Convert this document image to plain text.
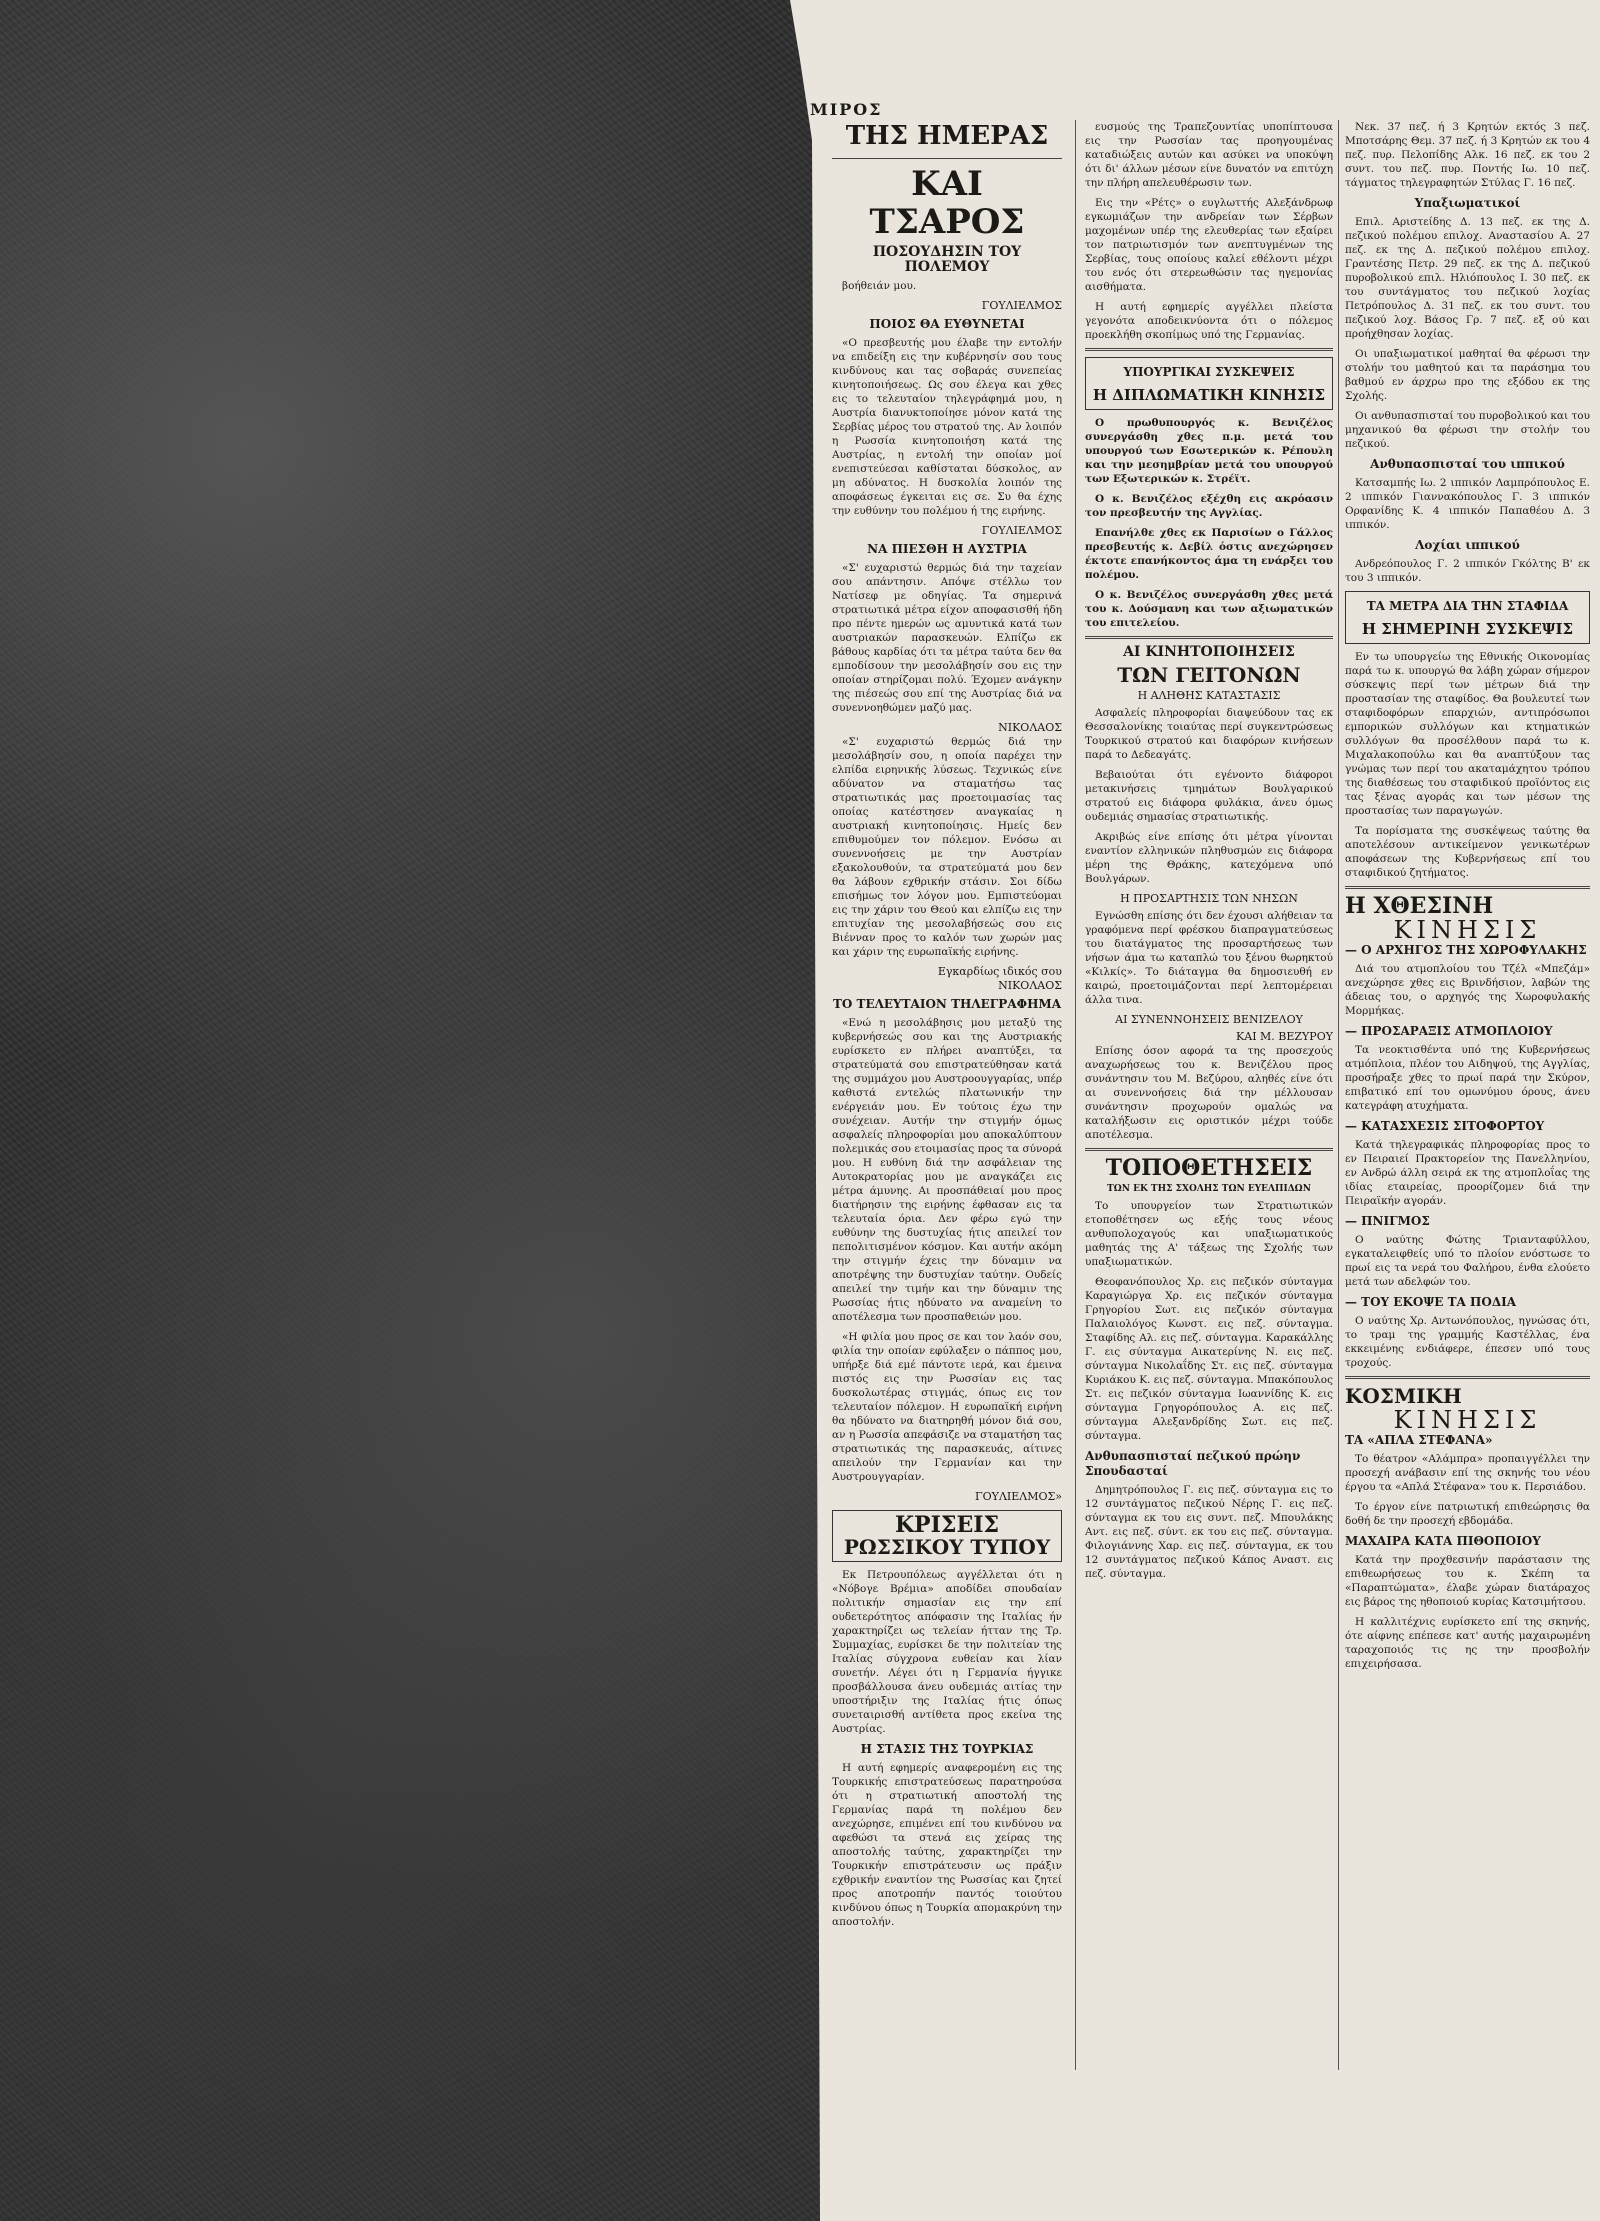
ΜΙΡΟΣ
ΤΗΣ ΗΜΕΡΑΣ
ΚΑΙ ΤΣΑΡΟΣ
ΠΟΣΟΥΔΗΣΙΝ ΤΟΥ ΠΟΛΕΜΟΥ

βοήθειάν μου.

ΓΟΥΛΙΕΛΜΟΣ
ΠΟΙΟΣ ΘΑ ΕΥΘΥΝΕΤΑΙ

«Ο πρεσβευτής μου έλαβε την εντολήν να επιδείξη εις την κυβέρνησίν σου τους κινδύνους και τας σοβαράς συνεπείας κινητοποιήσεως. Ως σου έλεγα και χθες εις το τελευταίον τηλεγράφημά μου, η Αυστρία διανυκτοποίησε μόνον κατά της Σερβίας μέρος του στρατού της. Αν λοιπόν η Ρωσσία κινητοποιήση κατά της Αυστρίας, η εντολή την οποίαν μοί ενεπιστεύεσαι καθίσταται δύσκολος, αν μη αδύνατος. Η δυσκολία λοιπόν της αποφάσεως έγκειται εις σε. Συ θα έχης την ευθύνην του πολέμου ή της ειρήνης.

ΓΟΥΛΙΕΛΜΟΣ
ΝΑ ΠΙΕΣΘΗ Η ΑΥΣΤΡΙΑ

«Σ' ευχαριστώ θερμώς διά την ταχείαν σου απάντησιν. Απόψε στέλλω τον Νατίσεφ με οδηγίας. Τα σημερινά στρατιωτικά μέτρα είχον αποφασισθή ήδη προ πέντε ημερών ως αμυντικά κατά των αυστριακών παρασκευών. Ελπίζω εκ βάθους καρδίας ότι τα μέτρα ταύτα δεν θα εμποδίσουν την μεσολάβησίν σου εις την οποίαν στηρίζομαι πολύ. Έχομεν ανάγκην της πιέσεώς σου επί της Αυστρίας διά να συνεννοηθώμεν μαζύ μας.

ΝΙΚΟΛΑΟΣ

«Σ' ευχαριστώ θερμώς διά την μεσολάβησίν σου, η οποία παρέχει την ελπίδα ειρηνικής λύσεως. Τεχνικώς είνε αδύνατον να σταματήσω τας στρατιωτικάς μας προετοιμασίας τας οποίας κατέστησεν αναγκαίας η αυστριακή κινητοποίησις. Ημείς δεν επιθυμούμεν τον πόλεμον. Ενόσω αι συνεννοήσεις με την Αυστρίαν εξακολουθούν, τα στρατεύματά μου δεν θα λάβουν εχθρικήν στάσιν. Σοι δίδω επισήμως τον λόγον μου. Εμπιστεύομαι εις την χάριν του Θεού και ελπίζω εις την επιτυχίαν της μεσολαβήσεώς σου εις Βιένναν προς το καλόν των χωρών μας και χάριν της ευρωπαϊκής ειρήνης.

Εγκαρδίως ιδικός σου
ΝΙΚΟΛΑΟΣ
ΤΟ ΤΕΛΕΥΤΑΙΟΝ ΤΗΛΕΓΡΑΦΗΜΑ

«Ενώ η μεσολάβησις μου μεταξύ της κυβερνήσεώς σου και της Αυστριακής ευρίσκετο εν πλήρει αναπτύξει, τα στρατεύματά σου επιστρατεύθησαν κατά της συμμάχου μου Αυστροουγγαρίας, υπέρ καθιστά εντελώς πλατωνικήν την ενέργειάν μου. Εν τούτοις έχω την συνέχειαν. Αυτήν την στιγμήν όμως ασφαλείς πληροφορίαι μου αποκαλύπτουν πολεμικάς σου ετοιμασίας προς τα σύνορά μου. Η ευθύνη διά την ασφάλειαν της Αυτοκρατορίας μου με αναγκάζει εις μέτρα άμυνης. Αι προσπάθειαί μου προς διατήρησιν της ειρήνης έφθασαν εις τα τελευταία όρια. Δεν φέρω εγώ την ευθύνην της δυστυχίας ήτις απειλεί τον πεπολιτισμένον κόσμον. Και αυτήν ακόμη την στιγμήν έχεις την δύναμιν να αποτρέψης την δυστυχίαν ταύτην. Ουδείς απειλεί την τιμήν και την δύναμιν της Ρωσσίας ήτις ηδύνατο να αναμείνη το αποτέλεσμα των προσπαθειών μου.

«Η φιλία μου προς σε και τον λαόν σου, φιλία την οποίαν εφύλαξεν ο πάππος μου, υπήρξε διά εμέ πάντοτε ιερά, και έμεινα πιστός εις την Ρωσσίαν εις τας δυσκολωτέρας στιγμάς, όπως εις τον τελευταίον πόλεμον. Η ευρωπαϊκή ειρήνη θα ηδύνατο να διατηρηθή μόνον διά σου, αν η Ρωσσία απεφάσιζε να σταματήση τας στρατιωτικάς της παρασκευάς, αίτινες απειλούν την Γερμανίαν και την Αυστρουγγαρίαν.

ΓΟΥΛΙΕΛΜΟΣ»
ΚΡΙΣΕΙΣ
ΡΩΣΣΙΚΟΥ ΤΥΠΟΥ

Εκ Πετρουπόλεως αγγέλλεται ότι η «Νόβογε Βρέμια» αποδίδει σπουδαίαν πολιτικήν σημασίαν εις την επί ουδετερότητος απόφασιν της Ιταλίας ήν χαρακτηρίζει ως τελείαν ήτταν της Τρ. Συμμαχίας, ευρίσκει δε την πολιτείαν της Ιταλίας σύγχρονα ευθείαν και λίαν συνετήν. Λέγει ότι η Γερμανία ήγγικε προσβάλλουσα άνευ ουδεμιάς αιτίας την υποστήριξιν της Ιταλίας ήτις όπως συνεταιρισθή αντίθετα προς εκείνα της Αυστρίας.

Η ΣΤΑΣΙΣ ΤΗΣ ΤΟΥΡΚΙΑΣ

Η αυτή εφημερίς αναφερομένη εις της Τουρκικής επιστρατεύσεως παρατηρούσα ότι η στρατιωτική αποστολή της Γερμανίας παρά τη πολέμου δεν ανεχώρησε, επιμένει επί του κινδύνου να αφεθώσι τα στενά εις χείρας της αποστολής ταύτης, χαρακτηρίζει την Τουρκικήν επιστράτευσιν ως πράξιν εχθρικήν εναντίον της Ρωσσίας και ζητεί προς αποτροπήν παντός τοιούτου κινδύνου όπως η Τουρκία απομακρύνη την αποστολήν.

ευσμούς της Τραπεζουντίας υποπίπτουσα εις την Ρωσσίαν τας προηγουμένας καταδιώξεις αυτών και ασύκει να υποκύψη ότι δι' άλλων μέσων είνε δυνατόν να επιτύχη την πλήρη απελευθέρωσιν των.

Εις την «Ρέτς» ο ευγλωττής Αλεξάνδρωφ εγκωμιάζων την ανδρείαν των Σέρβων μαχομένων υπέρ της ελευθερίας των εξαίρει τον πατριωτισμόν των ανεπτυγμένων της Σερβίας, τους οποίους καλεί εθέλοντι μέχρι του ενός ότι στερεωθώσιν τας ηγεμονίας αισθήματα.

Η αυτή εφημερίς αγγέλλει πλείστα γεγονότα αποδεικνύοντα ότι ο πόλεμος προεκλήθη σκοπίμως υπό της Γερμανίας.

ΥΠΟΥΡΓΙΚΑΙ ΣΥΣΚΕΨΕΙΣ
Η ΔΙΠΛΩΜΑΤΙΚΗ ΚΙΝΗΣΙΣ

Ο πρωθυπουργός κ. Βενιζέλος συνεργάσθη χθες π.μ. μετά του υπουργού των Εσωτερικών κ. Ρέπουλη και την μεσημβρίαν μετά του υπουργού των Εξωτερικών κ. Στρέϊτ.

Ο κ. Βενιζέλος εξέχθη εις ακρόασιν τον πρεσβευτήν της Αγγλίας.

Επανήλθε χθες εκ Παρισίων ο Γάλλος πρεσβευτής κ. Δεβίλ όστις ανεχώρησεν έκτοτε επανήκοντος άμα τη ενάρξει του πολέμου.

Ο κ. Βενιζέλος συνεργάσθη χθες μετά του κ. Δούσμανη και των αξιωματικών του επιτελείου.

ΑΙ ΚΙΝΗΤΟΠΟΙΗΣΕΙΣ
ΤΩΝ ΓΕΙΤΟΝΩΝ
Η ΑΛΗΘΗΣ ΚΑΤΑΣΤΑΣΙΣ

Ασφαλείς πληροφορίαι διαψεύδουν τας εκ Θεσσαλονίκης τοιαύτας περί συγκεντρώσεως Τουρκικού στρατού και διαφόρων κινήσεων παρά το Δεδεαγάτς.

Βεβαιούται ότι εγένοντο διάφοροι μετακινήσεις τμημάτων Βουλγαρικού στρατού εις διάφορα φυλάκια, άνευ όμως ουδεμιάς σημασίας στρατιωτικής.

Ακριβώς είνε επίσης ότι μέτρα γίνονται εναντίον ελληνικών πληθυσμών εις διάφορα μέρη της Θράκης, κατεχόμενα υπό Βουλγάρων.

Η ΠΡΟΣΑΡΤΗΣΙΣ ΤΩΝ ΝΗΣΩΝ

Εγνώσθη επίσης ότι δεν έχουσι αλήθειαν τα γραφόμενα περί φρέσκου διαπραγματεύσεως του διατάγματος της προσαρτήσεως των νήσων άμα τω καταπλώ του ξένου θωρηκτού «Κιλκίς». Το διάταγμα θα δημοσιευθή εν καιρώ, προετοιμάζονται περί λεπτομέρειαι άλλα τινα.

ΑΙ ΣΥΝΕΝΝΟΗΣΕΙΣ ΒΕΝΙΖΕΛΟΥ
ΚΑΙ Μ. ΒΕΖΥΡΟΥ

Επίσης όσον αφορά τα της προσεχούς αναχωρήσεως του κ. Βενιζέλου προς συνάντησιν του Μ. Βεζύρου, αληθές είνε ότι αι συνεννοήσεις διά την μέλλουσαν συνάντησιν προχωρούν ομαλώς να καταλήξωσιν εις οριστικόν μέχρι τούδε αποτέλεσμα.

ΤΟΠΟΘΕΤΗΣΕΙΣ
ΤΩΝ ΕΚ ΤΗΣ ΣΧΟΛΗΣ ΤΩΝ ΕΥΕΛΠΙΔΩΝ

Το υπουργείον των Στρατιωτικών ετοποθέτησεν ως εξής τους νέους ανθυπολοχαγούς και υπαξιωματικούς μαθητάς της Α' τάξεως της Σχολής των υπαξιωματικών.

Θεοφανόπουλος Χρ. εις πεζικόν σύνταγμα Καραγιώργα Χρ. εις πεζικόν σύνταγμα Γρηγορίου Σωτ. εις πεζικόν σύνταγμα Παλαιολόγος Κωνστ. εις πεζ. σύνταγμα. Σταφίδης Αλ. εις πεζ. σύνταγμα. Καρακάλλης Γ. εις σύνταγμα Αικατερίνης Ν. εις πεζ. σύνταγμα Νικολαΐδης Στ. εις πεζ. σύνταγμα Κυριάκου Κ. εις πεζ. σύνταγμα. Μπακόπουλος Στ. εις πεζικόν σύνταγμα Ιωαννίδης Κ. εις σύνταγμα Γρηγορόπουλος Α. εις πεζ. σύνταγμα Αλεξανδρίδης Σωτ. εις πεζ. σύνταγμα.

Ανθυπασπισταί πεζικού πρώην Σπουδασταί

Δημητρόπουλος Γ. εις πεζ. σύνταγμα εις το 12 συντάγματος πεζικού Νέρης Γ. εις πεζ. σύνταγμα εκ του εις συντ. πεζ. Μπουλάκης Αντ. εις πεζ. σύντ. εκ του εις πεζ. σύνταγμα. Φιλογιάννης Χαρ. εις πεζ. σύνταγμα, εκ του 12 συντάγματος πεζικού Κάπος Αναστ. εις πεζ. σύνταγμα.

Νεκ. 37 πεζ. ή 3 Κρητών εκτός 3 πεζ. Μποτσάρης Θεμ. 37 πεζ. ή 3 Κρητών εκ του 4 πεζ. πυρ. Πελοπίδης Αλκ. 16 πεζ. εκ του 2 συντ. του πεζ. πυρ. Ποντής Ιω. 10 πεζ. τάγματος τηλεγραφητών Στύλας Γ. 16 πεζ.

Υπαξιωματικοί

Επιλ. Αριστείδης Δ. 13 πεζ. εκ της Δ. πεζικού πολέμου επιλοχ. Αναστασίου Α. 27 πεζ. εκ της Δ. πεζικού πολέμου επιλοχ. Γραντέσης Πετρ. 29 πεζ. εκ της Δ. πεζικού πυροβολικού επιλ. Ηλιόπουλος Ι. 30 πεζ. εκ του συντάγματος του πεζικού λοχίας Πετρόπουλος Δ. 31 πεζ. εκ του συντ. του πεζικού λοχ. Βάσος Γρ. 7 πεζ. εξ ού και προήχθησαν λοχίας.

Οι υπαξιωματικοί μαθηταί θα φέρωσι την στολήν του μαθητού και τα παράσημα του βαθμού εν άρχρω προ της εξόδου εκ της Σχολής.

Οι ανθυπασπισταί του πυροβολικού και του μηχανικού θα φέρωσι την στολήν του πεζικού.

Ανθυπασπισταί του ιππικού

Κατσαμπής Ιω. 2 ιππικόν Λαμπρόπουλος Ε. 2 ιππικόν Γιαννακόπουλος Γ. 3 ιππικόν Ορφανίδης Κ. 4 ιππικόν Παπαθέου Δ. 3 ιππικόν.

Λοχίαι ιππικού

Ανδρεόπουλος Γ. 2 ιππικόν Γκόλτης Β' εκ του 3 ιππικόν.

ΤΑ ΜΕΤΡΑ ΔΙΑ ΤΗΝ ΣΤΑΦΙΔΑ
Η ΣΗΜΕΡΙΝΗ ΣΥΣΚΕΨΙΣ

Εν τω υπουργείω της Εθνικής Οικονομίας παρά τω κ. υπουργώ θα λάβη χώραν σήμερον σύσκεψις περί των μέτρων διά την προστασίαν της σταφίδος. Θα βουλευτεί των σταφιδοφόρων επαρχιών, αντιπρόσωποι εμπορικών συλλόγων και κτηματικών συλλόγων θα προσέλθουν παρά τω κ. Μιχαλακοπούλω και θα αναπτύξουν τας γνώμας των περί του ακαταμάχητου τρόπου της διαθέσεως του σταφιδικού προϊόντος εις τας ξένας αγοράς και των μέσων της προστασίας των παραγωγών.

Τα πορίσματα της συσκέψεως ταύτης θα αποτελέσουν αντικείμενον γενικωτέρων αποφάσεων της Κυβερνήσεως επί του σταφιδικού ζητήματος.

Η ΧΘΕΣΙΝΗ
ΚΙΝΗΣΙΣ
— Ο ΑΡΧΗΓΟΣ ΤΗΣ ΧΩΡΟΦΥΛΑΚΗΣ

Διά του ατμοπλοίου του Τζέλ «Μπεζάμ» ανεχώρησε χθες εις Βρινδήσιον, λαβών της άδειας του, ο αρχηγός της Χωροφυλακής Μορμήκας.

— ΠΡΟΣΑΡΑΞΙΣ ΑΤΜΟΠΛΟΙΟΥ

Τα νεοκτισθέντα υπό της Κυβερνήσεως ατμόπλοια, πλέον του Αιδηψού, της Αγγλίας, προσήραξε χθες το πρωί παρά την Σκύρον, επιβατικό επί του ομωνύμου όρους, άνευ κατεγράφη ατυχήματα.

— ΚΑΤΑΣΧΕΣΙΣ ΣΙΤΟΦΟΡΤΟΥ

Κατά τηλεγραφικάς πληροφορίας προς το εν Πειραιεί Πρακτορείον της Πανελληνίου, εν Ανδρώ άλλη σειρά εκ της ατμοπλοΐας της ιδίας εταιρείας, προορίζομεν διά την Πειραϊκήν αγοράν.

— ΠΝΙΓΜΟΣ

Ο ναύτης Φώτης Τριανταφύλλου, εγκαταλειφθείς υπό το πλοίον ενόστωσε το πρωί εις τα νερά του Φαλήρου, ένθα ελούετο μετά των αδελφών του.

— ΤΟΥ ΕΚΟΨΕ ΤΑ ΠΟΔΙΑ

Ο ναύτης Χρ. Αντωνόπουλος, ηγνώσας ότι, το τραμ της γραμμής Καστέλλας, ένα εκκειμένης ενδιάφερε, έπεσεν υπό τους τροχούς.

ΚΟΣΜΙΚΗ
ΚΙΝΗΣΙΣ
ΤΑ «ΑΠΛΑ ΣΤΕΦΑΝΑ»

Το θέατρον «Αλάμπρα» προπαιγγέλλει την προσεχή ανάβασιν επί της σκηνής του νέου έργου τα «Απλά Στέφανα» του κ. Περσιάδου.

Το έργον είνε πατριωτική επιθεώρησις θα δοθή δε την προσεχή εβδομάδα.

ΜΑΧΑΙΡΑ ΚΑΤΑ ΠΙΘΟΠΟΙΟΥ

Κατά την προχθεσινήν παράστασιν της επιθεωρήσεως του κ. Σκέπη τα «Παραπτώματα», έλαβε χώραν διατάραχος εις βάρος της ηθοποιού κυρίας Κατσιμήτσου.

Η καλλιτέχνις ευρίσκετο επί της σκηνής, ότε αίφνης επέπεσε κατ' αυτής μαχαιρωμένη ταραχοποιός τις ης την προσβολήν επιχειρήσασα.
